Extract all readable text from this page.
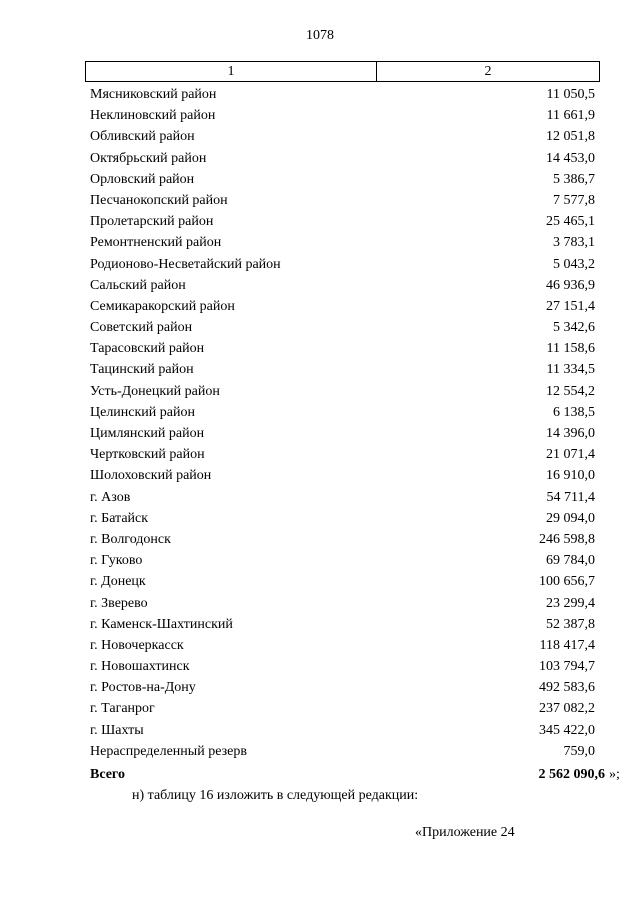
1078
1	2
Мясниковский район	11 050,5
Неклиновский район	11 661,9
Обливский район	12 051,8
Октябрьский район	14 453,0
Орловский район	5 386,7
Песчанокопский район	7 577,8
Пролетарский район	25 465,1
Ремонтненский район	3 783,1
Родионово-Несветайский район	5 043,2
Сальский район	46 936,9
Семикаракорский район	27 151,4
Советский район	5 342,6
Тарасовский район	11 158,6
Тацинский район	11 334,5
Усть-Донецкий район	12 554,2
Целинский район	6 138,5
Цимлянский район	14 396,0
Чертковский район	21 071,4
Шолоховский район	16 910,0
г. Азов	54 711,4
г. Батайск	29 094,0
г. Волгодонск	246 598,8
г. Гуково	69 784,0
г. Донецк	100 656,7
г. Зверево	23 299,4
г. Каменск-Шахтинский	52 387,8
г. Новочеркасск	118 417,4
г. Новошахтинск	103 794,7
г. Ростов-на-Дону	492 583,6
г. Таганрог	237 082,2
г. Шахты	345 422,0
Нераспределенный резерв	759,0
Всего	2 562 090,6 »;
н) таблицу 16 изложить в следующей редакции:
«Приложение 24
